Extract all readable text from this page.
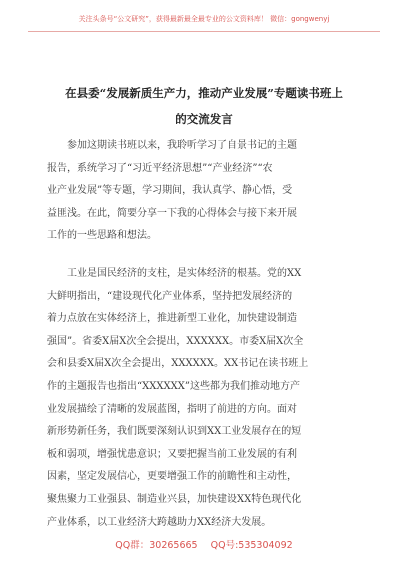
关注头条号“公文研究”，获得最新最全最专业的公文资料库！ 微信：gongwenyj
在县委“发展新质生产力，推动产业发展”专题读书班上
的交流发言
参加这期读书班以来，我聆听学习了自景书记的主题
报告，系统学习了“习近平经济思想”“产业经济”“农
业产业发展”等专题，学习期间，我认真学、静心悟，受
益匪浅。在此，简要分享一下我的心得体会与接下来开展
工作的一些思路和想法。
工业是国民经济的支柱，是实体经济的根基。党的XX
大鲜明指出，“建设现代化产业体系，坚持把发展经济的
着力点放在实体经济上，推进新型工业化，加快建设制造
强国”。省委X届X次全会提出，XXXXXX。市委X届X次全
会和县委X届X次全会提出，XXXXXX。XX书记在读书班上
作的主题报告也指出“XXXXXX”这些都为我们推动地方产
业发展描绘了清晰的发展蓝图，指明了前进的方向。面对
新形势新任务，我们既要深刻认识到XX工业发展存在的短
板和弱项，增强忧患意识；又要把握当前工业发展的有利
因素，坚定发展信心，更要增强工作的前瞻性和主动性，
聚焦聚力工业强县、制造业兴县，加快建设XX特色现代化
产业体系，以工业经济大跨越助力XX经济大发展。
QQ群：30265665 QQ号:535304092
